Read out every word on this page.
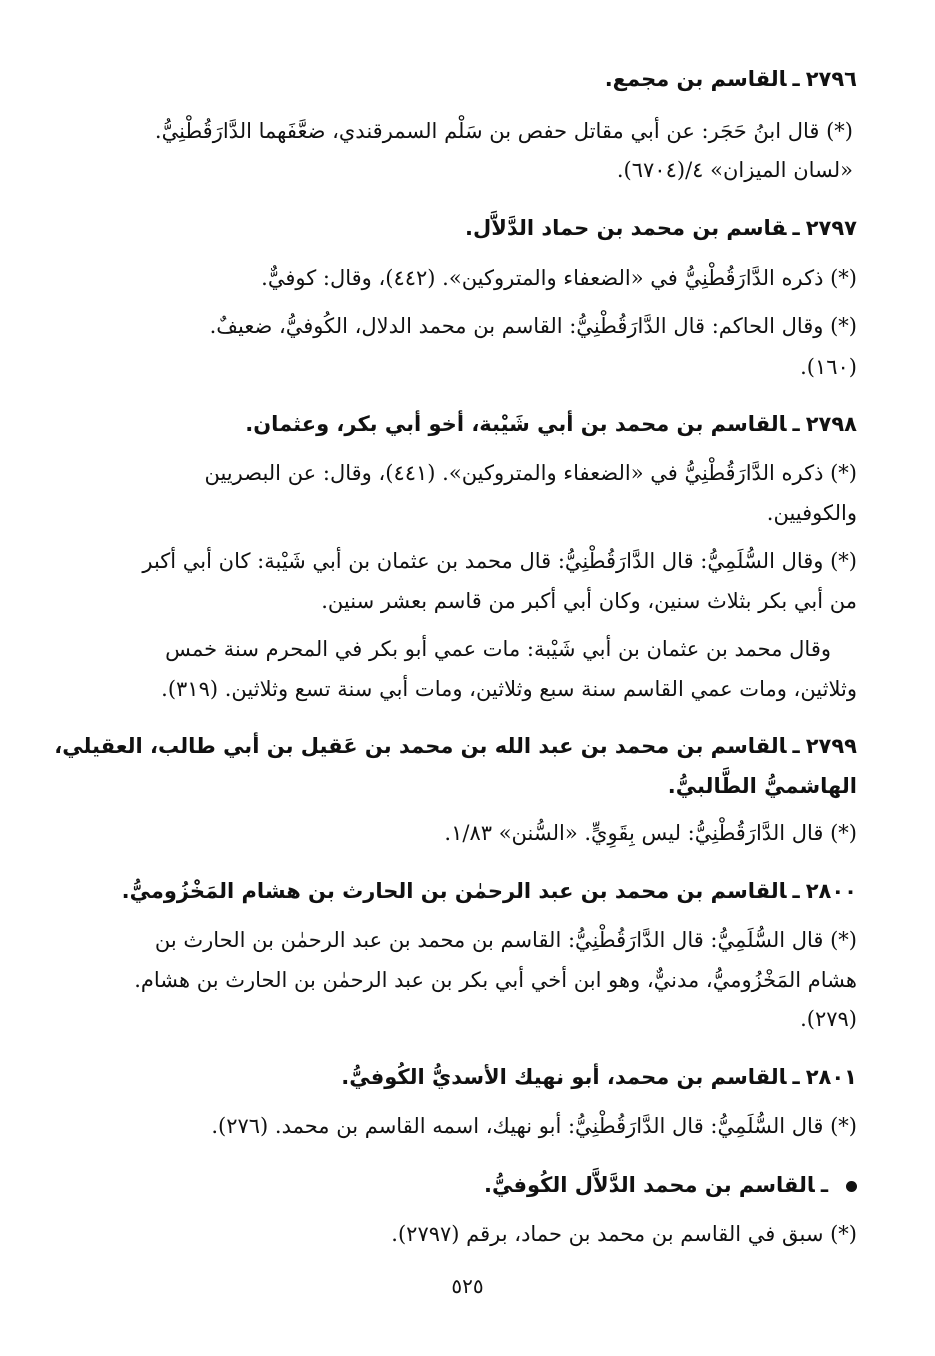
٢٧٩٦ـالقاسم بن مجمع.

(*) قال ابنُ حَجَر: عن أبي مقاتل حفص بن سَلْم السمرقندي، ضعَّفَهما الدَّارَقُطْنِيُّ.

«لسان الميزان» ٤/(٦٧٠٤).

٢٧٩٧ـقاسم بن محمد بن حماد الدَّلاَّل.

(*) ذكره الدَّارَقُطْنِيُّ في «الضعفاء والمتروكين». (٤٤٢)، وقال: كوفيٌّ.

(*) وقال الحاكم: قال الدَّارَقُطْنِيُّ: القاسم بن محمد الدلال، الكُوفيُّ، ضعيفٌ.

(١٦٠).

٢٧٩٨ـالقاسم بن محمد بن أبي شَيْبة، أخو أبي بكر، وعثمان.

(*) ذكره الدَّارَقُطْنِيُّ في «الضعفاء والمتروكين». (٤٤١)، وقال: عن البصريين

والكوفيين.

(*) وقال السُّلَمِيُّ: قال الدَّارَقُطْنِيُّ: قال محمد بن عثمان بن أبي شَيْبة: كان أبي أكبر

من أبي بكر بثلاث سنين، وكان أبي أكبر من قاسم بعشر سنين.

وقال محمد بن عثمان بن أبي شَيْبة: مات عمي أبو بكر في المحرم سنة خمس

وثلاثين، ومات عمي القاسم سنة سبع وثلاثين، ومات أبي سنة تسع وثلاثين. (٣١٩).

٢٧٩٩ـالقاسم بن محمد بن عبد الله بن محمد بن عَقيل بن أبي طالب، العقيلي،

الهاشميُّ الطَّالبيُّ.

(*) قال الدَّارَقُطْنِيُّ: ليس بِقَوِيٍّ. «السُّنن» ١/٨٣.

٢٨٠٠ـالقاسم بن محمد بن عبد الرحمٰن بن الحارث بن هشام المَخْزُوميُّ.

(*) قال السُّلَمِيُّ: قال الدَّارَقُطْنِيُّ: القاسم بن محمد بن عبد الرحمٰن بن الحارث بن

هشام المَخْزُوميُّ، مدنيٌّ، وهو ابن أخي أبي بكر بن عبد الرحمٰن بن الحارث بن هشام.

(٢٧٩).

٢٨٠١ـالقاسم بن محمد، أبو نهيك الأسديُّ الكُوفيُّ.

(*) قال السُّلَمِيُّ: قال الدَّارَقُطْنِيُّ: أبو نهيك، اسمه القاسم بن محمد. (٢٧٦).

ـالقاسم بن محمد الدَّلاَّل الكُوفيُّ.

(*) سبق في القاسم بن محمد بن حماد، برقم (٢٧٩٧).

٥٢٥
